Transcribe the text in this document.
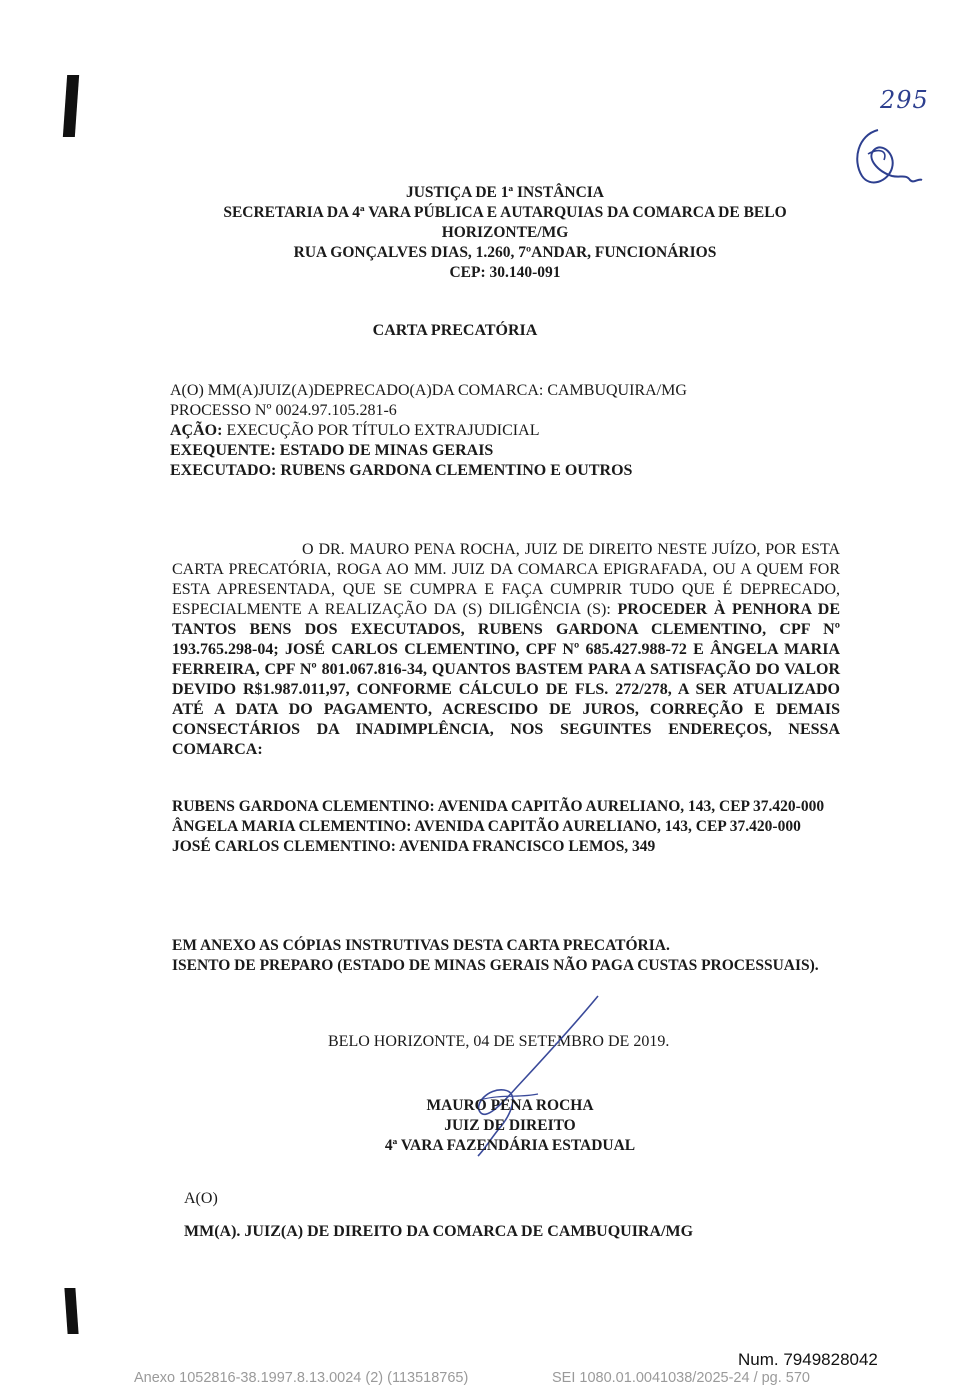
295
JUSTIÇA DE 1ª INSTÂNCIA
SECRETARIA DA 4ª VARA PÚBLICA E AUTARQUIAS DA COMARCA DE BELO
HORIZONTE/MG
RUA GONÇALVES DIAS, 1.260, 7ºANDAR, FUNCIONÁRIOS
CEP: 30.140-091
CARTA PRECATÓRIA
A(O) MM(A)JUIZ(A)DEPRECADO(A)DA COMARCA: CAMBUQUIRA/MG
PROCESSO Nº 0024.97.105.281-6
AÇÃO: EXECUÇÃO POR TÍTULO EXTRAJUDICIAL
EXEQUENTE: ESTADO DE MINAS GERAIS
EXECUTADO: RUBENS GARDONA CLEMENTINO E OUTROS
O DR. MAURO PENA ROCHA, JUIZ DE DIREITO NESTE JUÍZO, POR ESTA CARTA PRECATÓRIA, ROGA AO MM. JUIZ DA COMARCA EPIGRAFADA, OU A QUEM FOR ESTA APRESENTADA, QUE SE CUMPRA E FAÇA CUMPRIR TUDO QUE É DEPRECADO, ESPECIALMENTE A REALIZAÇÃO DA (S) DILIGÊNCIA (S): PROCEDER À PENHORA DE TANTOS BENS DOS EXECUTADOS, RUBENS GARDONA CLEMENTINO, CPF Nº 193.765.298-04; JOSÉ CARLOS CLEMENTINO, CPF Nº 685.427.988-72 E ÂNGELA MARIA FERREIRA, CPF Nº 801.067.816-34, QUANTOS BASTEM PARA A SATISFAÇÃO DO VALOR DEVIDO R$1.987.011,97, CONFORME CÁLCULO DE FLS. 272/278, A SER ATUALIZADO ATÉ A DATA DO PAGAMENTO, ACRESCIDO DE JUROS, CORREÇÃO E DEMAIS CONSECTÁRIOS DA INADIMPLÊNCIA, NOS SEGUINTES ENDEREÇOS, NESSA COMARCA:
RUBENS GARDONA CLEMENTINO: AVENIDA CAPITÃO AURELIANO, 143, CEP 37.420-000
ÂNGELA MARIA CLEMENTINO: AVENIDA CAPITÃO AURELIANO, 143, CEP 37.420-000
JOSÉ CARLOS CLEMENTINO: AVENIDA FRANCISCO LEMOS, 349
EM ANEXO AS CÓPIAS INSTRUTIVAS DESTA CARTA PRECATÓRIA.
ISENTO DE PREPARO (ESTADO DE MINAS GERAIS NÃO PAGA CUSTAS PROCESSUAIS).
BELO HORIZONTE, 04 DE SETEMBRO DE 2019.
MAURO PENA ROCHA
JUIZ DE DIREITO
4ª VARA FAZENDÁRIA ESTADUAL
A(O)
MM(A). JUIZ(A) DE DIREITO DA COMARCA DE CAMBUQUIRA/MG
Num. 7949828042
Anexo 1052816-38.1997.8.13.0024 (2) (113518765)	SEI 1080.01.0041038/2025-24 / pg. 570
